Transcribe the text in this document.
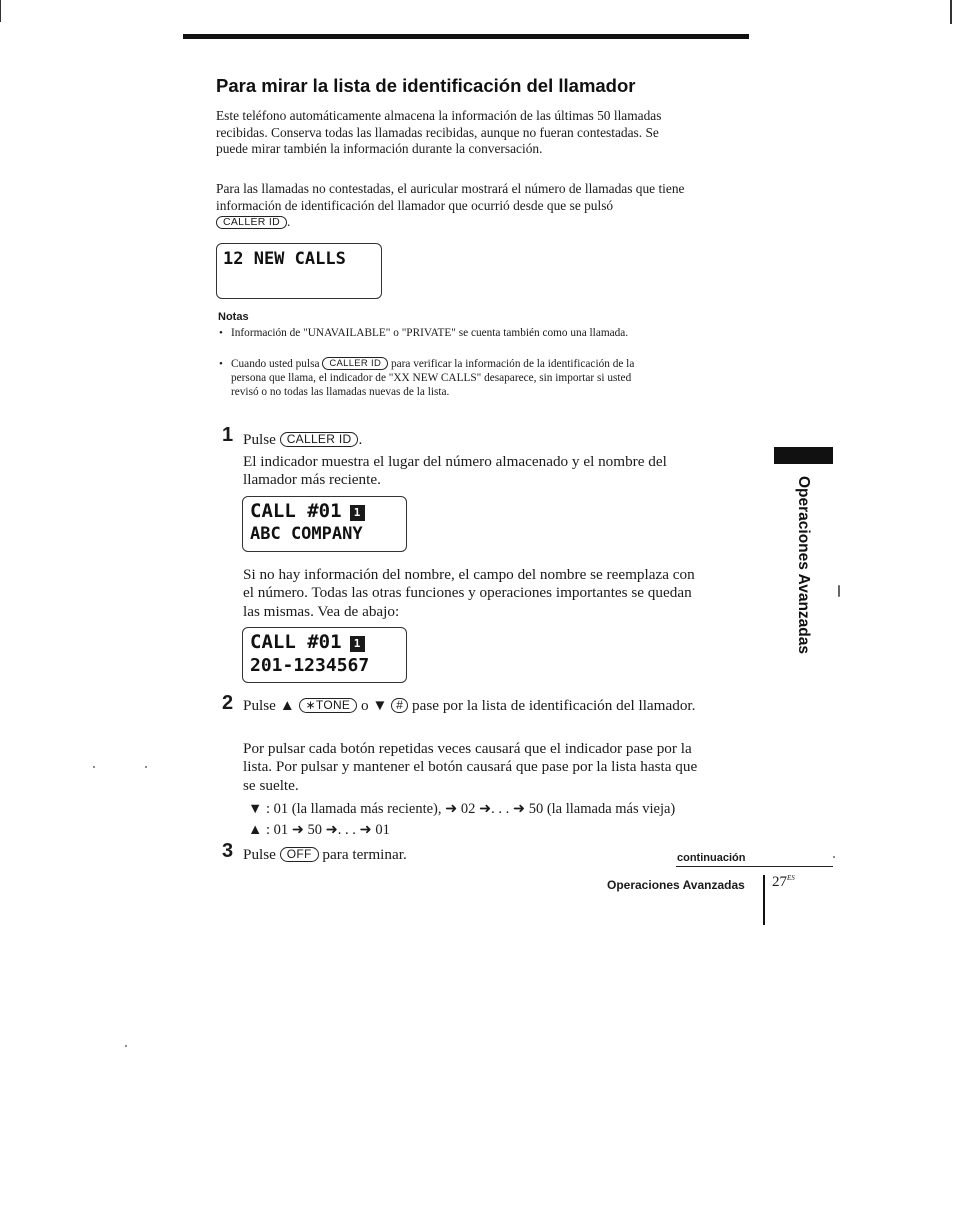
Para mirar la lista de identificación del llamador

Este teléfono automáticamente almacena la información de las últimas 50 llamadas recibidas. Conserva todas las llamadas recibidas, aunque no fueran contestadas. Se puede mirar también la información durante la conversación.

Para las llamadas no contestadas, el auricular mostrará el número de llamadas que tiene información de identificación del llamador que ocurrió desde que se pulsó CALLER ID .

12 NEW CALLS
Notas
• Información de "UNAVAILABLE" o "PRIVATE" se cuenta también como una llamada.

• Cuando usted pulsa CALLER ID para verificar la información de la identificación de la persona que llama, el indicador de "XX NEW CALLS" desaparece, sin importar si usted revisó o no todas las llamadas nuevas de la lista.

1 Pulse CALLER ID .

El indicador muestra el lugar del número almacenado y el nombre del llamador más reciente.

CALL #01 1
ABC COMPANY

Si no hay información del nombre, el campo del nombre se reemplaza con el número. Todas las otras funciones y operaciones importantes se quedan las mismas. Vea de abajo:

CALL #01 1
201-1234567
2 Pulse ▲ ∗TONE o ▼ # pase por la lista de identificación del llamador.

Por pulsar cada botón repetidas veces causará que el indicador pase por la lista. Por pulsar y mantener el botón causará que pase por la lista hasta que se suelte.

▼ : 01 (la llamada más reciente), ➜ 02 ➜. . . ➜ 50 (la llamada más vieja)

▲ : 01 ➜ 50 ➜. . . ➜ 01

3 Pulse OFF para terminar.

Operaciones Avanzadas
continuación
Operaciones Avanzadas $27^{ES}$
